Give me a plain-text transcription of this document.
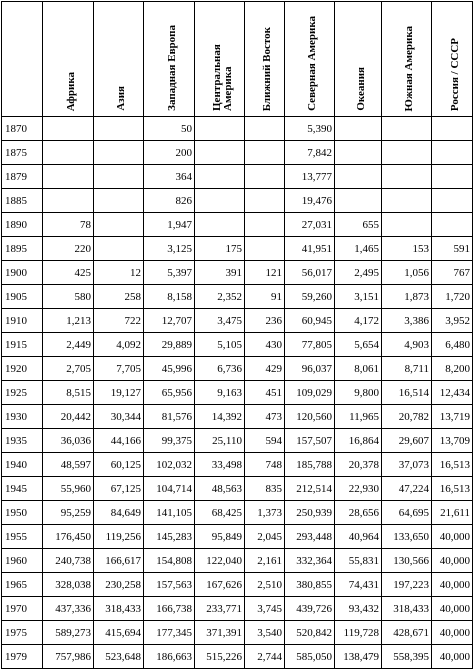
	Африка	Азия	Западная Европа	Центральная Америка	Ближний Восток	Северная Америка	Океания	Южная Америка	Россия / СССР
1870			50			5,390			
1875			200			7,842			
1879			364			13,777			
1885			826			19,476			
1890	78		1,947			27,031	655		
1895	220		3,125	175		41,951	1,465	153	591
1900	425	12	5,397	391	121	56,017	2,495	1,056	767
1905	580	258	8,158	2,352	91	59,260	3,151	1,873	1,720
1910	1,213	722	12,707	3,475	236	60,945	4,172	3,386	3,952
1915	2,449	4,092	29,889	5,105	430	77,805	5,654	4,903	6,480
1920	2,705	7,705	45,996	6,736	429	96,037	8,061	8,711	8,200
1925	8,515	19,127	65,956	9,163	451	109,029	9,800	16,514	12,434
1930	20,442	30,344	81,576	14,392	473	120,560	11,965	20,782	13,719
1935	36,036	44,166	99,375	25,110	594	157,507	16,864	29,607	13,709
1940	48,597	60,125	102,032	33,498	748	185,788	20,378	37,073	16,513
1945	55,960	67,125	104,714	48,563	835	212,514	22,930	47,224	16,513
1950	95,259	84,649	141,105	68,425	1,373	250,939	28,656	64,695	21,611
1955	176,450	119,256	145,283	95,849	2,045	293,448	40,964	133,650	40,000
1960	240,738	166,617	154,808	122,040	2,161	332,364	55,831	130,566	40,000
1965	328,038	230,258	157,563	167,626	2,510	380,855	74,431	197,223	40,000
1970	437,336	318,433	166,738	233,771	3,745	439,726	93,432	318,433	40,000
1975	589,273	415,694	177,345	371,391	3,540	520,842	119,728	428,671	40,000
1979	757,986	523,648	186,663	515,226	2,744	585,050	138,479	558,395	40,000
